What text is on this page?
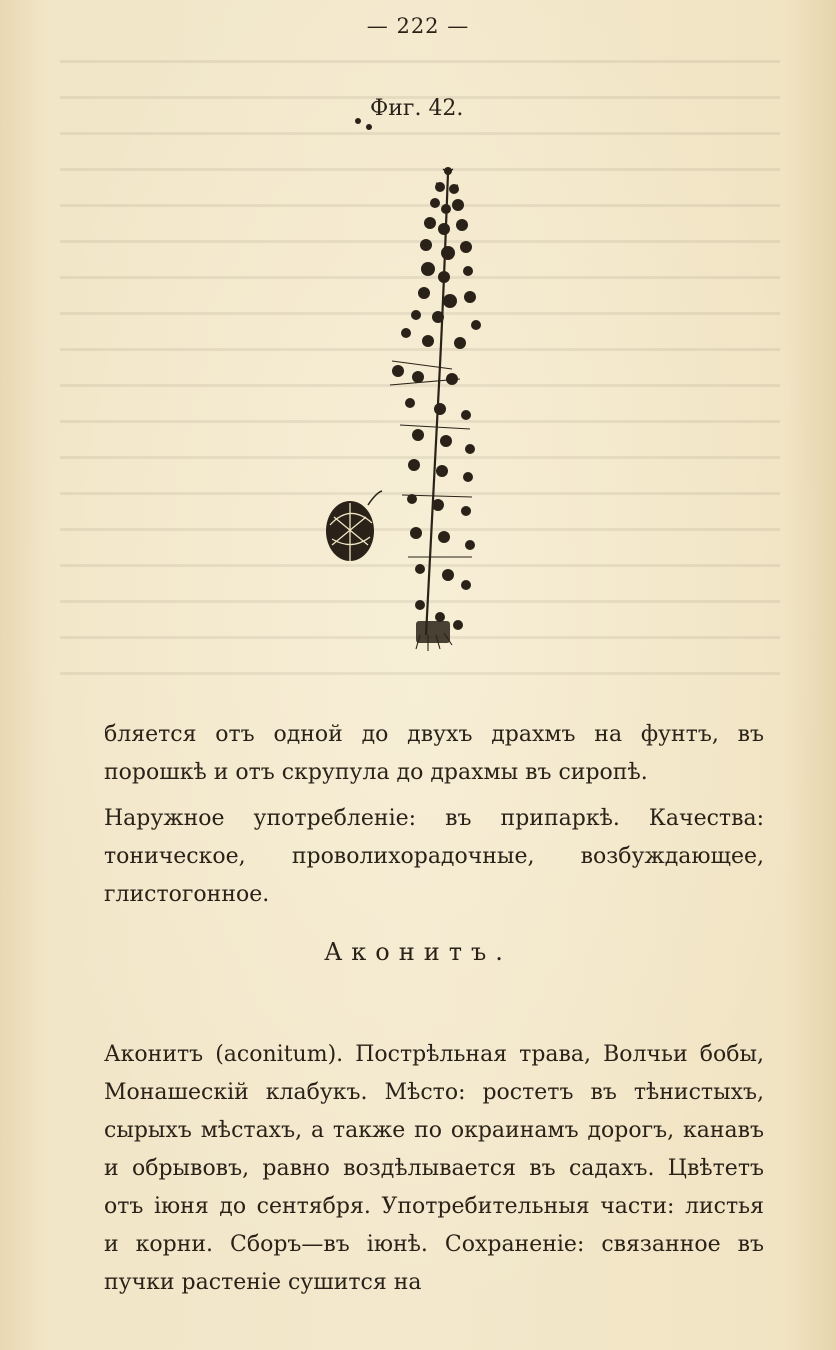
— 222 —
Фиг. 42.

бляется отъ одной до двухъ драхмъ на фунтъ, въ порошкѣ и отъ скрупула до драхмы въ сиропѣ.

Наружное употребленіе: въ припаркѣ. Качества: тоническое, проволихорадочные, возбуждающее, глистогонное.

Аконитъ.

Аконитъ (aconitum). Пострѣльная трава, Волчьи бобы, Монашескій клабукъ. Мѣсто: ростетъ въ тѣнистыхъ, сырыхъ мѣстахъ, а также по окраинамъ дорогъ, канавъ и обрывовъ, равно воздѣлывается въ садахъ. Цвѣтетъ отъ іюня до сентября. Употребительныя части: листья и корни. Сборъ—въ іюнѣ. Сохраненіе: связанное въ пучки растеніе сушится на
